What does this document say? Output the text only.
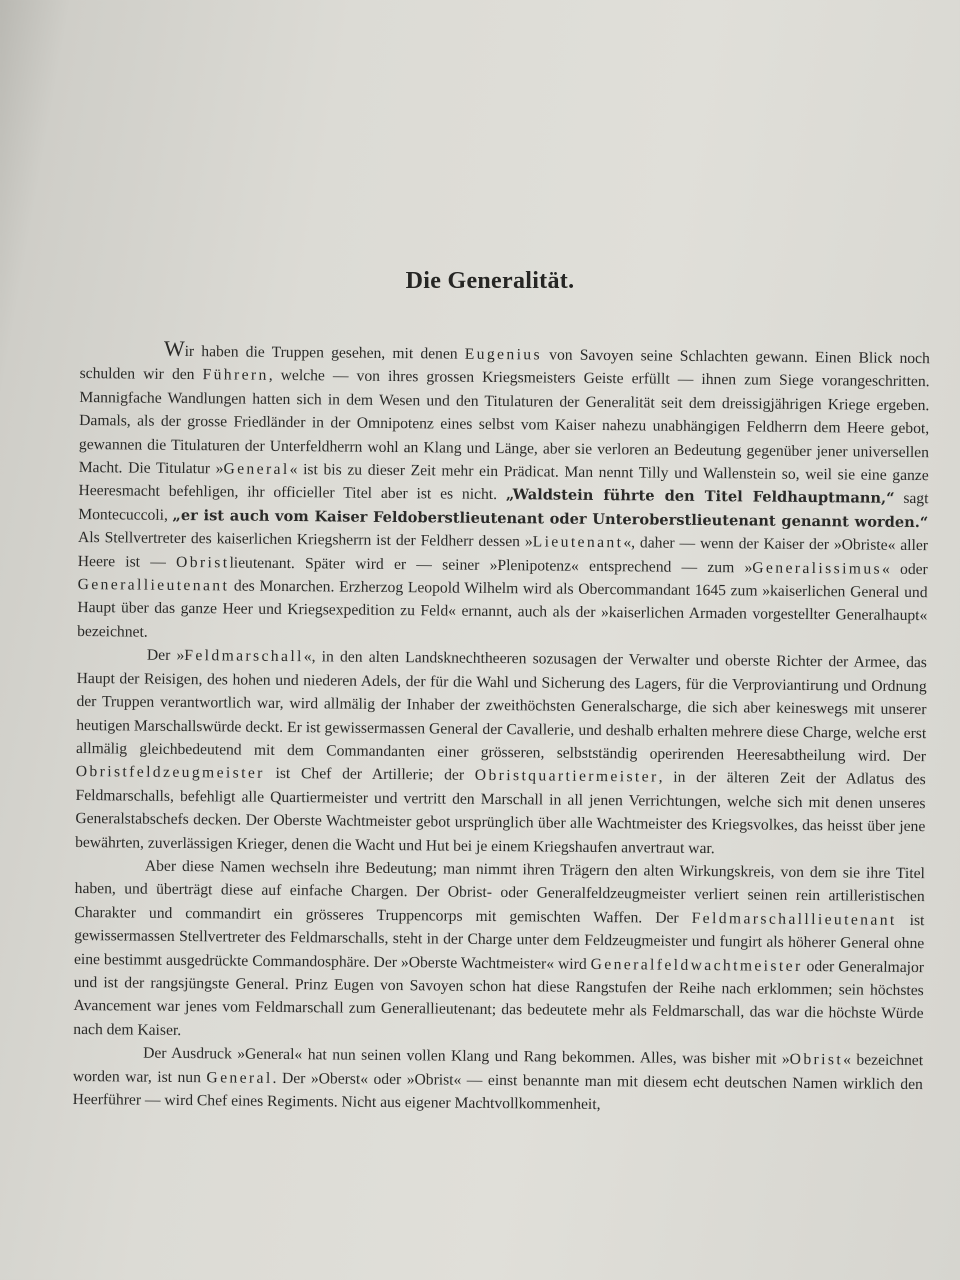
Die Generalität.

Wir haben die Truppen gesehen, mit denen Eugenius von Savoyen seine Schlachten gewann. Einen Blick noch schulden wir den Führern, welche — von ihres grossen Kriegsmeisters Geiste erfüllt — ihnen zum Siege vorangeschritten. Mannigfache Wandlungen hatten sich in dem Wesen und den Titulaturen der Generalität seit dem dreissigjährigen Kriege ergeben. Damals, als der grosse Friedländer in der Omnipotenz eines selbst vom Kaiser nahezu unabhängigen Feldherrn dem Heere gebot, gewannen die Titulaturen der Unterfeldherrn wohl an Klang und Länge, aber sie verloren an Bedeutung gegenüber jener universellen Macht. Die Titulatur »General« ist bis zu dieser Zeit mehr ein Prädicat. Man nennt Tilly und Wallenstein so, weil sie eine ganze Heeresmacht befehligen, ihr officieller Titel aber ist es nicht. „Waldstein führte den Titel Feldhauptmann,“ sagt Montecuccoli, „er ist auch vom Kaiser Feldoberstlieutenant oder Unteroberstlieutenant genannt worden.“ Als Stellvertreter des kaiserlichen Kriegsherrn ist der Feldherr dessen »Lieutenant«, daher — wenn der Kaiser der »Obriste« aller Heere ist — Obristlieutenant. Später wird er — seiner »Plenipotenz« entsprechend — zum »Generalissimus« oder Generallieutenant des Monarchen. Erzherzog Leopold Wilhelm wird als Obercommandant 1645 zum »kaiserlichen General und Haupt über das ganze Heer und Kriegsexpedition zu Feld« ernannt, auch als der »kaiserlichen Armaden vorgestellter Generalhaupt« bezeichnet.

Der »Feldmarschall«, in den alten Landsknechtheeren sozusagen der Verwalter und oberste Richter der Armee, das Haupt der Reisigen, des hohen und niederen Adels, der für die Wahl und Sicherung des Lagers, für die Verproviantirung und Ordnung der Truppen verantwortlich war, wird allmälig der Inhaber der zweithöchsten Generalscharge, die sich aber keineswegs mit unserer heutigen Marschallswürde deckt. Er ist gewissermassen General der Cavallerie, und deshalb erhalten mehrere diese Charge, welche erst allmälig gleichbedeutend mit dem Commandanten einer grösseren, selbstständig operirenden Heeresabtheilung wird. Der Obristfeldzeugmeister ist Chef der Artillerie; der Obristquartiermeister, in der älteren Zeit der Adlatus des Feldmarschalls, befehligt alle Quartiermeister und vertritt den Marschall in all jenen Verrichtungen, welche sich mit denen unseres Generalstabschefs decken. Der Oberste Wachtmeister gebot ursprünglich über alle Wachtmeister des Kriegsvolkes, das heisst über jene bewährten, zuverlässigen Krieger, denen die Wacht und Hut bei je einem Kriegshaufen anvertraut war.

Aber diese Namen wechseln ihre Bedeutung; man nimmt ihren Trägern den alten Wirkungskreis, von dem sie ihre Titel haben, und überträgt diese auf einfache Chargen. Der Obrist- oder Generalfeldzeugmeister verliert seinen rein artilleristischen Charakter und commandirt ein grösseres Truppencorps mit gemischten Waffen. Der Feldmarschalllieutenant ist gewissermassen Stellvertreter des Feldmarschalls, steht in der Charge unter dem Feldzeugmeister und fungirt als höherer General ohne eine bestimmt ausgedrückte Commandosphäre. Der »Oberste Wachtmeister« wird Generalfeldwachtmeister oder Generalmajor und ist der rangsjüngste General. Prinz Eugen von Savoyen schon hat diese Rangstufen der Reihe nach erklommen; sein höchstes Avancement war jenes vom Feldmarschall zum Generallieutenant; das bedeutete mehr als Feldmarschall, das war die höchste Würde nach dem Kaiser.

Der Ausdruck »General« hat nun seinen vollen Klang und Rang bekommen. Alles, was bisher mit »Obrist« bezeichnet worden war, ist nun General. Der »Oberst« oder »Obrist« — einst benannte man mit diesem echt deutschen Namen wirklich den Heerführer — wird Chef eines Regiments. Nicht aus eigener Machtvollkommenheit,
